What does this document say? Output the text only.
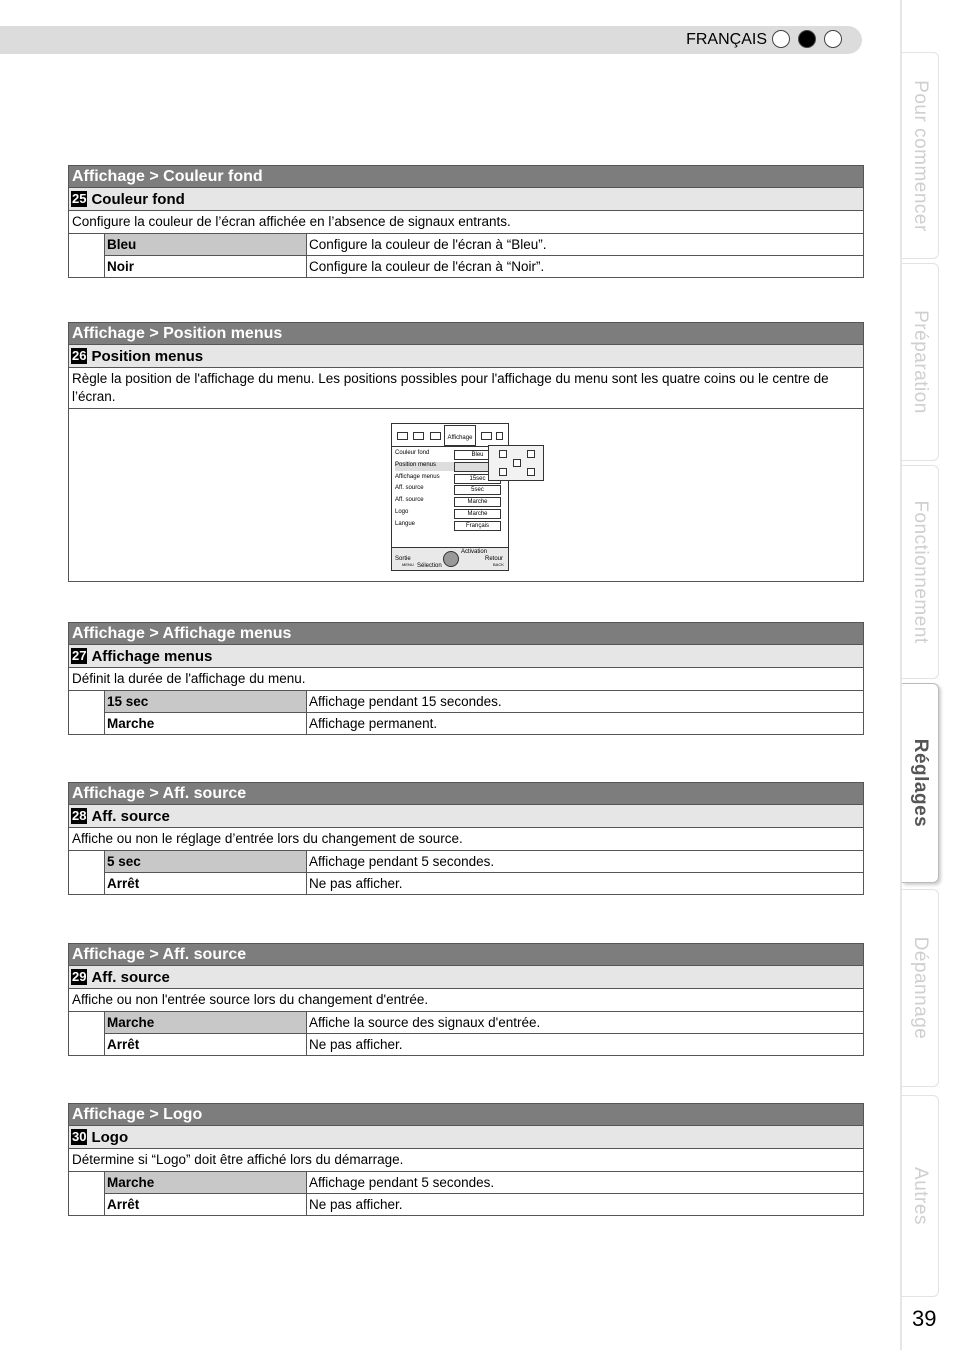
FRANÇAIS
Pour commencer
Préparation
Fonctionnement
Réglages
Dépannage
Autres
39
Affichage > Couleur fond
25 Couleur fond
Configure la couleur de l’écran affichée en l’absence de signaux entrants.
	Bleu	Configure la couleur de l'écran à “Bleu”.
	Noir	Configure la couleur de l'écran à “Noir”.
Affichage > Position menus
26 Position menus
Règle la position de l'affichage du menu. Les positions possibles pour l'affichage du menu sont les quatre coins ou le centre de l’écran.
Affichage
Couleur fond	Bleu
Position menus
Affichage menus	15sec
Aff. source	5sec
Aff. source	Marche
Logo	Marche
Langue	Français
Sortie
MENU
Activation
Sélection
Retour
BACK
Affichage > Affichage menus
27 Affichage menus
Définit la durée de l'affichage du menu.
	15 sec	Affichage pendant 15 secondes.
	Marche	Affichage permanent.
Affichage > Aff. source
28 Aff. source
Affiche ou non le réglage d’entrée lors du changement de source.
	5 sec	Affichage pendant 5 secondes.
	Arrêt	Ne pas afficher.
Affichage > Aff. source
29 Aff. source
Affiche ou non l'entrée source lors du changement d'entrée.
	Marche	Affiche la source des signaux d'entrée.
	Arrêt	Ne pas afficher.
Affichage > Logo
30 Logo
Détermine si “Logo” doit être affiché lors du démarrage.
	Marche	Affichage pendant 5 secondes.
	Arrêt	Ne pas afficher.
